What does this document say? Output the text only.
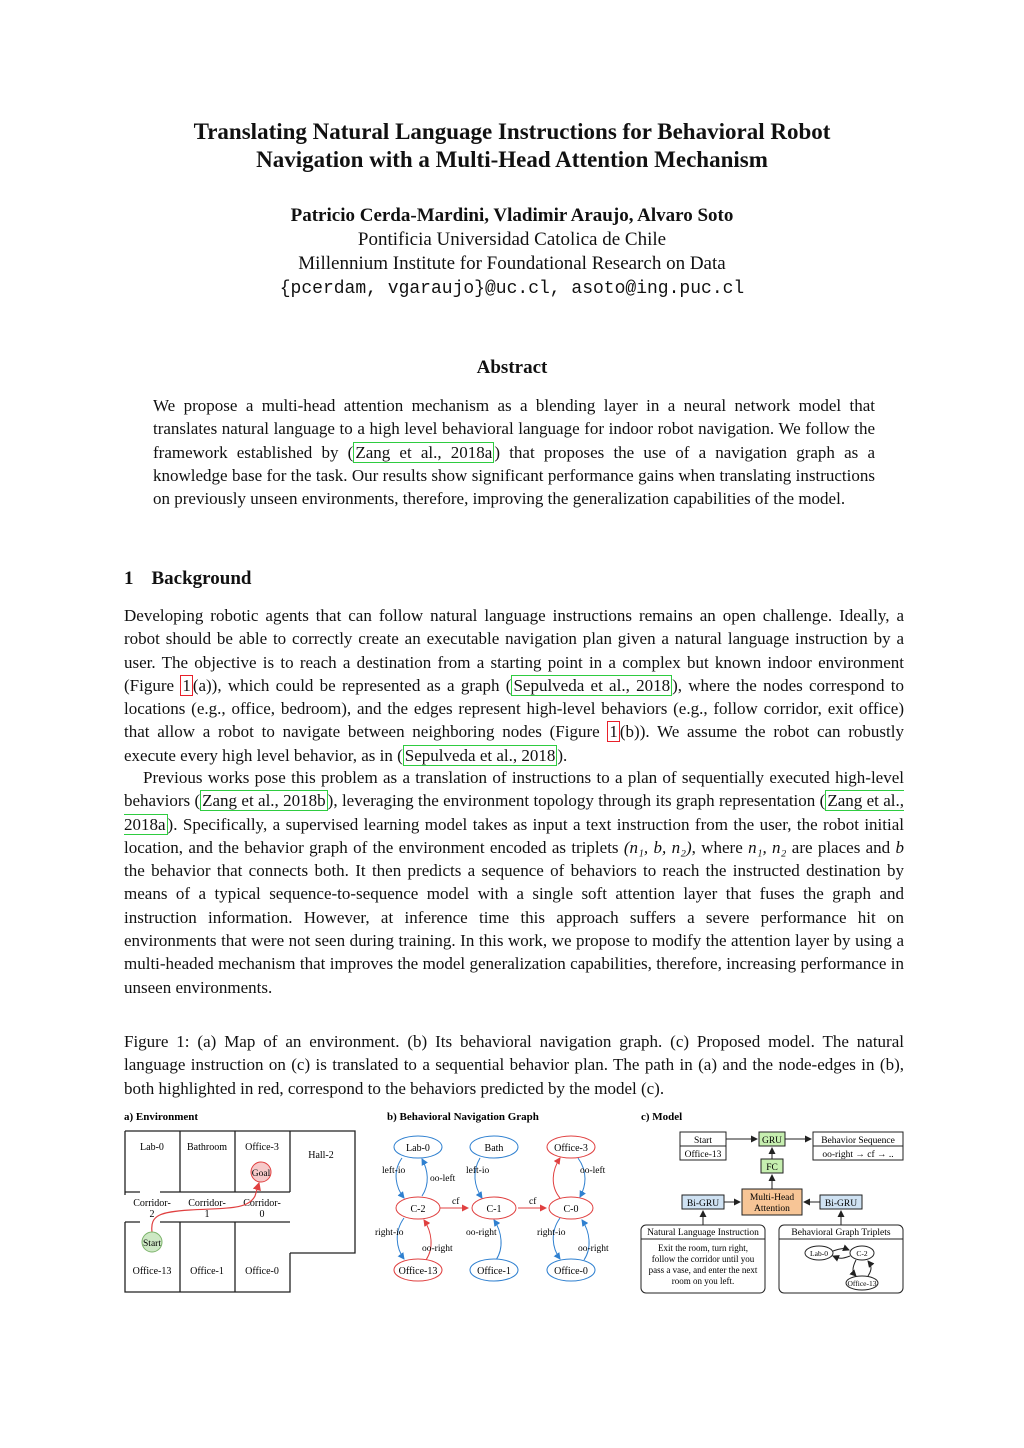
Translating Natural Language Instructions for Behavioral Robot
Navigation with a Multi-Head Attention Mechanism
Patricio Cerda-Mardini, Vladimir Araujo, Alvaro Soto
Pontificia Universidad Catolica de Chile
Millennium Institute for Foundational Research on Data
{pcerdam, vgaraujo}@uc.cl, asoto@ing.puc.cl
Abstract
We propose a multi-head attention mechanism as a blending layer in a neural network model that translates natural language to a high level behavioral language for indoor robot navigation. We follow the framework established by ( Zang et al., 2018a ) that proposes the use of a navigation graph as a knowledge base for the task. Our results show significant performance gains when translating instructions on previously unseen environments, therefore, improving the generalization capabilities of the model.
1 Background
Developing robotic agents that can follow natural language instructions remains an open challenge. Ideally, a robot should be able to correctly create an executable navigation plan given a natural language instruction by a user. The objective is to reach a destination from a starting point in a complex but known indoor environment (Figure 1 (a)), which could be represented as a graph ( Sepulveda et al., 2018 ), where the nodes correspond to locations (e.g., office, bedroom), and the edges represent high-level behaviors (e.g., follow corridor, exit office) that allow a robot to navigate between neighboring nodes (Figure 1 (b)). We assume the robot can robustly execute every high level behavior, as in ( Sepulveda et al., 2018 ).
Previous works pose this problem as a translation of instructions to a plan of sequentially executed high-level behaviors ( Zang et al., 2018b ), leveraging the environment topology through its graph representation ( Zang et al., 2018a ). Specifically, a supervised learning model takes as input a text instruction from the user, the robot initial location, and the behavior graph of the environment encoded as triplets (n₁, b, n₂), where n₁, n₂ are places and b the behavior that connects both. It then predicts a sequence of behaviors to reach the instructed destination by means of a typical sequence-to-sequence model with a single soft attention layer that fuses the graph and instruction information. However, at inference time this approach suffers a severe performance hit on environments that were not seen during training. In this work, we propose to modify the attention layer by using a multi-headed mechanism that improves the model generalization capabilities, therefore, increasing performance in unseen environments.
Figure 1: (a) Map of an environment. (b) Its behavioral navigation graph. (c) Proposed model. The natural language instruction on (c) is translated to a sequential behavior plan. The path in (a) and the node-edges in (b), both highlighted in red, correspond to the behaviors predicted by the model (c).
a) Environment
Lab-0 Bathroom Office-3
Hall-2
Goal
Corridor-
2
Corridor-
1
Corridor-
0
Start
Office-13 Office-1 Office-0
b) Behavioral Navigation Graph
Lab-0	Bath	Office-3
C-2	C-1	C-0
Office-13	Office-1	Office-0
left-io
oo-left
left-io	oo-left
cf	cf
right-io
oo-right
oo-right	right-io
oo-right
c) Model
Start
Office-13
GRU	Behavior Sequence
oo-right → cf → ..
FC
Multi-Head
Attention
Bi-GRU	Bi-GRU
Natural Language Instruction
Exit the room, turn right,
follow the corridor until you
pass a vase, and enter the next
room on you left.
Behavioral Graph Triplets
Lab-0	C-2
Office-13
